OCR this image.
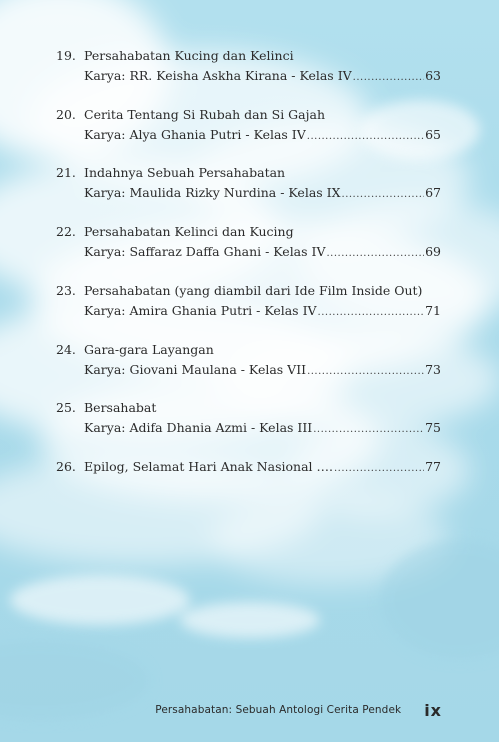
19. Persahabatan Kucing dan Kelinci
Karya: RR. Keisha Askha Kirana - Kelas IV .....	63
20. Cerita Tentang Si Rubah dan Si Gajah
Karya: Alya Ghania Putri - Kelas IV .....	65
21. Indahnya Sebuah Persahabatan
Karya: Maulida Rizky Nurdina - Kelas IX .....	67
22. Persahabatan Kelinci dan Kucing
Karya: Saffaraz Daffa Ghani - Kelas IV .....	69
23. Persahabatan (yang diambil dari Ide Film Inside Out)
Karya: Amira Ghania Putri - Kelas IV .....	71
24. Gara-gara Layangan
Karya: Giovani Maulana - Kelas VII .....	73
25. Bersahabat
Karya: Adifa Dhania Azmi - Kelas III .....	75
26. Epilog, Selamat Hari Anak Nasional …. .....	77
Persahabatan: Sebuah Antologi Cerita Pendek ix
